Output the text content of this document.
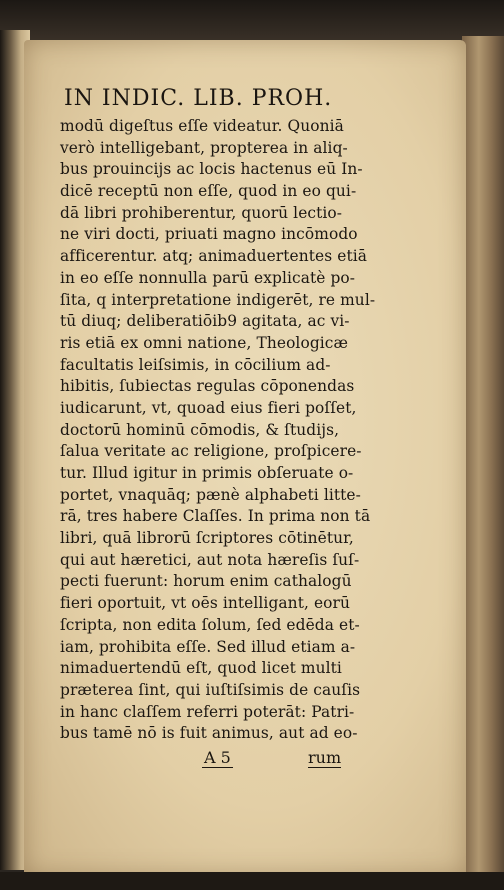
IN INDIC. LIB. PROH.
modū digeſtus eſſe videatur. Quoniā
verò intelligebant, propterea in aliq-
bus prouincijs ac locis hactenus eū In-
dicē receptū non eſſe, quod in eo qui-
dā libri prohiberentur, quorū lectio-
ne viri docti, priuati magno incōmodo
afficerentur. atq; animaduertentes etiā
in eo eſſe nonnulla parū explicatè po-
ſita, q interpretatione indigerēt, re mul-
tū diuq; deliberatiōib9 agitata, ac vi-
ris etiā ex omni natione, Theologicæ
facultatis leiſsimis, in cōcilium ad-
hibitis, ſubiectas regulas cōponendas
iudicarunt, vt, quoad eius fieri poſſet,
doctorū hominū cōmodis, & ſtudijs,
ſalua veritate ac religione, proſpicere-
tur. Illud igitur in primis obſeruate o-
portet, vnaquāq; pænè alphabeti litte-
rā, tres habere Claſſes. In prima non tā
libri, quā librorū ſcriptores cōtinētur,
qui aut hæretici, aut nota hæreſis ſuſ-
pecti fuerunt: horum enim cathalogū
fieri oportuit, vt oēs intelligant, eorū
ſcripta, non edita ſolum, ſed edēda et-
iam, prohibita eſſe. Sed illud etiam a-
nimaduertendū eſt, quod licet multi
præterea ſint, qui iuſtiſsimis de cauſis
in hanc claſſem referri poterāt: Patri-
bus tamē nō is fuit animus, aut ad eo-
A 5	rum
